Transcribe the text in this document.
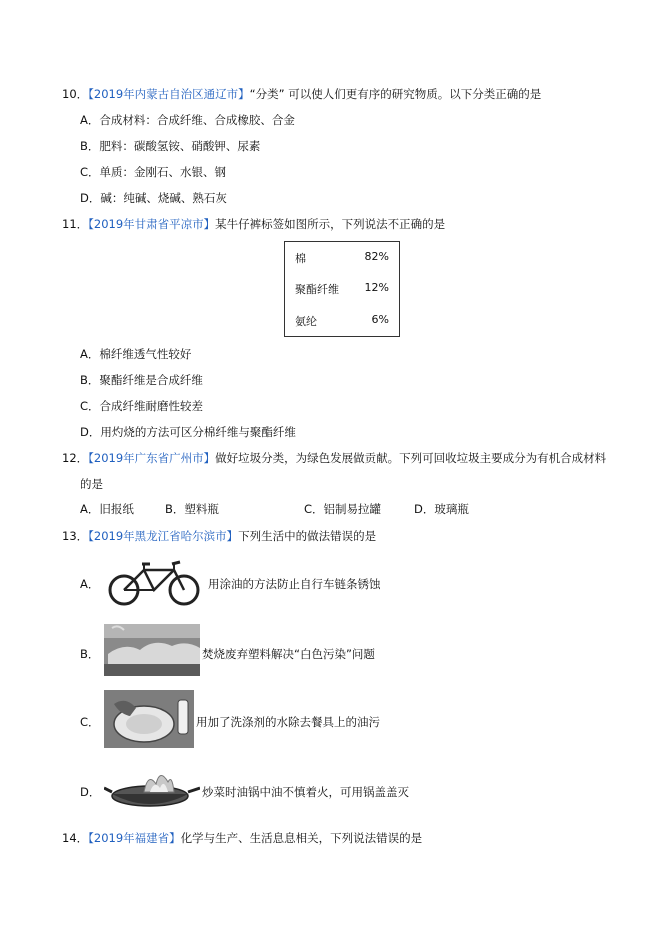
10．【2019年内蒙古自治区通辽市】“分类” 可以使人们更有序的研究物质。以下分类正确的是
A．合成材料：合成纤维、合成橡胶、合金
B．肥料：碳酸氢铵、硝酸钾、尿素
C．单质：金刚石、水银、钢
D．碱：纯碱、烧碱、熟石灰
11．【2019年甘肃省平凉市】某牛仔裤标签如图所示，下列说法不正确的是
棉	82%
聚酯纤维 12%
氨纶	6%
A．棉纤维透气性较好
B．聚酯纤维是合成纤维
C．合成纤维耐磨性较差
D．用灼烧的方法可区分棉纤维与聚酯纤维
12．【2019年广东省广州市】做好垃圾分类，为绿色发展做贡献。下列可回收垃圾主要成分为有机合成材料
的是
A．旧报纸	B．塑料瓶	C．铝制易拉罐	D．玻璃瓶
13．【2019年黑龙江省哈尔滨市】下列生活中的做法错误的是
A．	用涂油的方法防止自行车链条锈蚀
B．	焚烧废弃塑料解决“白色污染”问题
C．	用加了洗涤剂的水除去餐具上的油污
D．	炒菜时油锅中油不慎着火，可用锅盖盖灭
14．【2019年福建省】化学与生产、生活息息相关，下列说法错误的是
